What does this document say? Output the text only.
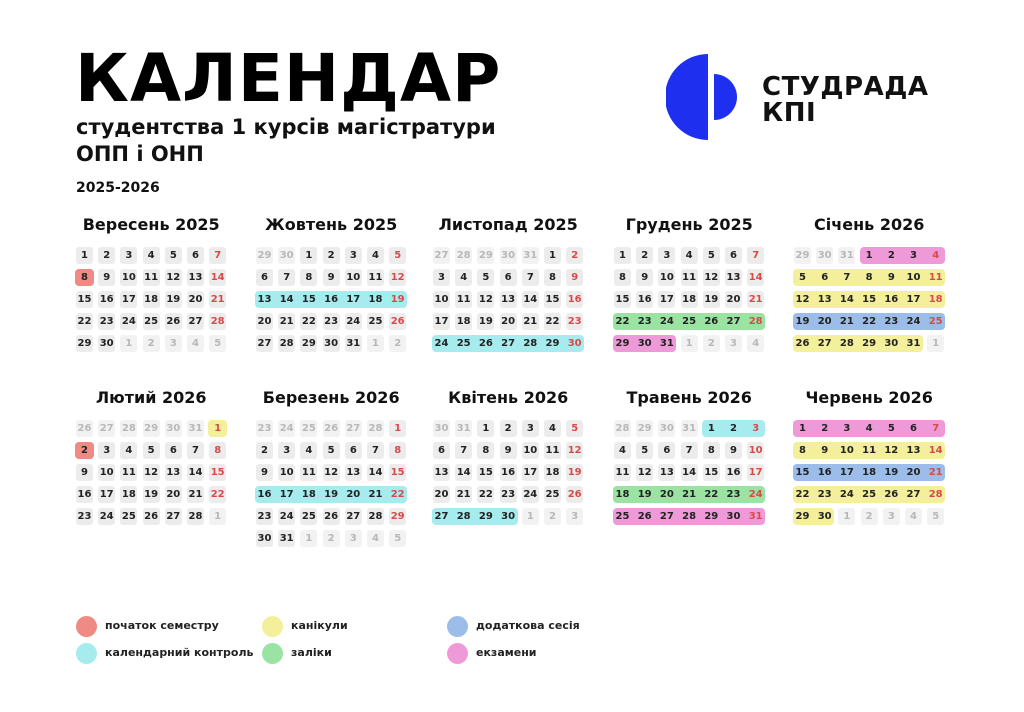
КАЛЕНДАР
студентства 1 курсів магістратури
ОПП і ОНП
2025-2026
СТУДРАДА
КПІ
Вересень 2025
1	2	3	4	5	6	7
8	9	10 11 12 13 14
15 16 17 18 19 20 21
22 23 24 25 26 27 28
29 30	1	2	3	4	5
Жовтень 2025
29 30	1	2	3	4	5
6	7	8	9	10 11 12
13 14 15 16 17 18 19
20 21 22 23 24 25 26
27 28 29 30 31	1	2
Листопад 2025
27 28 29 30 31	1	2
3	4	5	6	7	8	9
10 11 12 13 14 15 16
17 18 19 20 21 22 23
24 25 26 27 28 29 30
Грудень 2025
1	2	3	4	5	6	7
8	9	10 11 12 13 14
15 16 17 18 19 20 21
22 23 24 25 26 27 28
29 30 31	1	2	3	4
Січень 2026
29 30 31	1	2	3	4
5	6	7	8	9	10 11
12 13 14 15 16 17 18
19 20 21 22 23 24 25
26 27 28 29 30 31	1
Лютий 2026
26 27 28 29 30 31	1
2	3	4	5	6	7	8
9	10 11 12 13 14 15
16 17 18 19 20 21 22
23 24 25 26 27 28	1
Березень 2026
23 24 25 26 27 28	1
2	3	4	5	6	7	8
9	10 11 12 13 14 15
16 17 18 19 20 21 22
23 24 25 26 27 28 29
30 31	1	2	3	4	5
Квітень 2026
30 31	1	2	3	4	5
6	7	8	9	10 11 12
13 14 15 16 17 18 19
20 21 22 23 24 25 26
27 28 29 30	1	2	3
Травень 2026
28 29 30 31	1	2	3
4	5	6	7	8	9	10
11 12 13 14 15 16 17
18 19 20 21 22 23 24
25 26 27 28 29 30 31
Червень 2026
1	2	3	4	5	6	7
8	9	10 11 12 13 14
15 16 17 18 19 20 21
22 23 24 25 26 27 28
29 30	1	2	3	4	5
початок семестру
календарний контроль
канікули
заліки
додаткова сесія
екзамени
